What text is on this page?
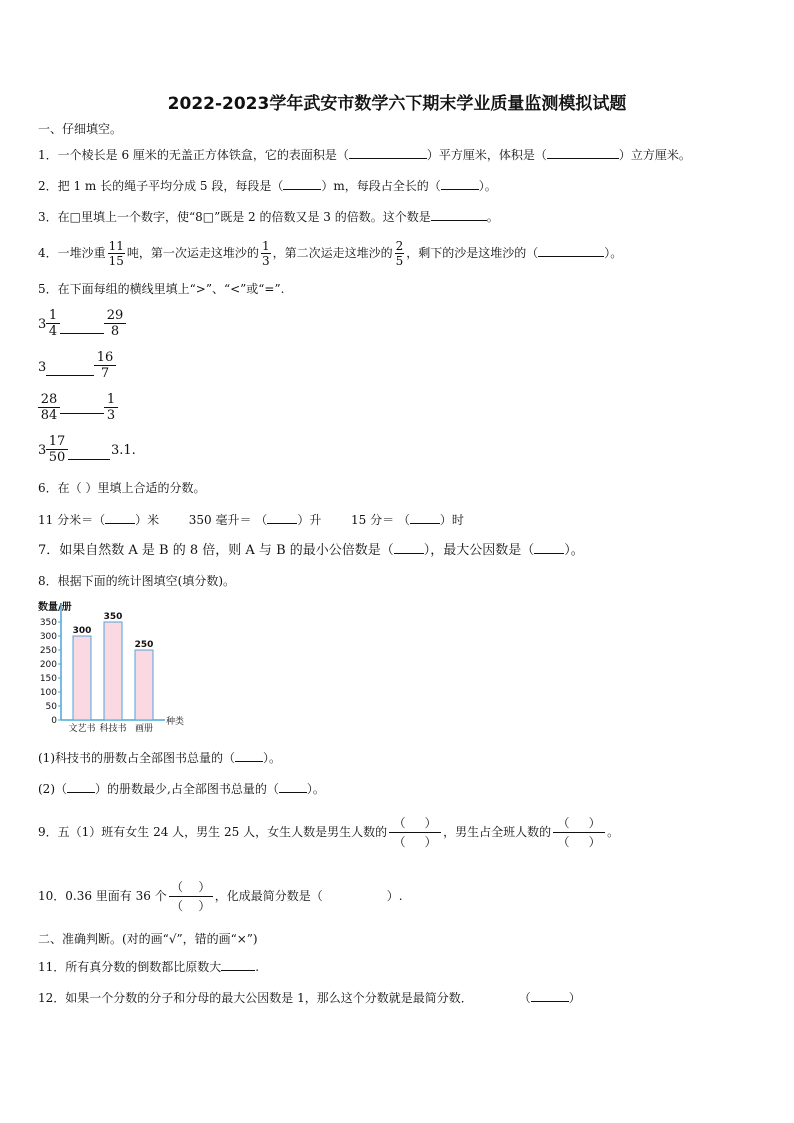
2022-2023学年武安市数学六下期末学业质量监测模拟试题
一、仔细填空。
1．一个棱长是 6 厘米的无盖正方体铁盒，它的表面积是（	）平方厘米，体积是（	）立方厘米。
2．把 1 m 长的绳子平均分成 5 段，每段是（	）m，每段占全长的（	）。
3．在□里填上一个数字，使“8□”既是 2 的倍数又是 3 的倍数。这个数是	。
4．一堆沙重 $\frac{11}{15}$ 吨，第一次运走这堆沙的 $\frac{1}{3}$ ，第二次运走这堆沙的 $\frac{2}{5}$ ，剩下的沙是这堆沙的（	）。
5．在下面每组的横线里填上“>”、“<”或“=”.
3
1
4
29
8
3
16
7
28
84
1
3
3
17
50	3.1.
6．在（ ）里填上合适的分数。
11 分米＝（	）米 350 毫升＝ （	）升 15 分＝ （	）时
7．如果自然数 A 是 B 的 8 倍，则 A 与 B 的最小公倍数是（ ），最大公因数是（ ）。
8．根据下面的统计图填空(填分数)。
数量/册
0
50
100
150
200
250
300
350
300
文艺书
350
科技书
250
画册
种类
(1)科技书的册数占全部图书总量的（ ）。
(2)（ ）的册数最少,占全部图书总量的（ ）。
9．五（1）班有女生 24 人，男生 25 人，女生人数是男生人数的 $\frac{( )}{( )}$ ，男生占全班人数的 $\frac{( )}{( )}$ 。
10．0.36 里面有 36 个 $\frac{( )}{( )}$ ，化成最简分数是（	）.
二、准确判断。(对的画“√”，错的画“×”)
11．所有真分数的倒数都比原数大	.
12．如果一个分数的分子和分母的最大公因数是 1，那么这个分数就是最简分数．	（	）
